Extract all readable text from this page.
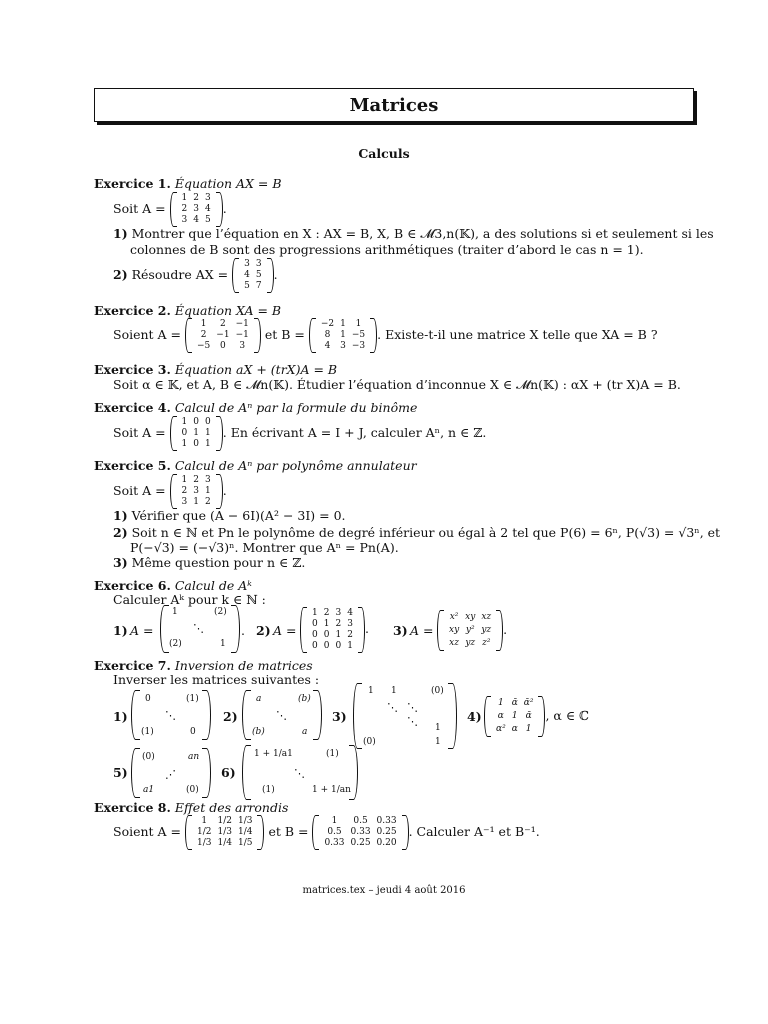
Matrices
Calculs
Exercice 1. Équation AX = B
Soit A =
1	2	3
2	3	4
3	4	5
.
1) Montrer que l’équation en X : AX = B, X, B ∈ 𝓜3,n(𝕂), a des solutions si et seulement si les
colonnes de B sont des progressions arithmétiques (traiter d’abord le cas n = 1).
2) Résoudre AX =
3	3
4	5
5	7
.
Exercice 2. Équation XA = B
Soient A =
1	2	−1
2	−1	−1
−5	0	3
et B =
−2	1	1
8	1	−5
4	3	−3
. Existe-t-il une matrice X telle que XA = B ?
Exercice 3. Équation aX + (trX)A = B
Soit α ∈ 𝕂, et A, B ∈ 𝓜n(𝕂). Étudier l’équation d’inconnue X ∈ 𝓜n(𝕂) : αX + (tr X)A = B.
Exercice 4. Calcul de Aⁿ par la formule du binôme
Soit A =
1	0	0
0	1	1
1	0	1
. En écrivant A = I + J, calculer Aⁿ, n ∈ ℤ.
Exercice 5. Calcul de Aⁿ par polynôme annulateur
Soit A =
1	2	3
2	3	1
3	1	2
.
1) Vérifier que (A − 6I)(A² − 3I) = 0.
2) Soit n ∈ ℕ et Pn le polynôme de degré inférieur ou égal à 2 tel que P(6) = 6ⁿ, P(√3) = √3ⁿ, et
P(−√3) = (−√3)ⁿ. Montrer que Aⁿ = Pn(A).
3) Même question pour n ∈ ℤ.
Exercice 6. Calcul de Aᵏ
Calculer Aᵏ pour k ∈ ℕ :
1) A =
1	(2)
⋱
(2)	1
. 2) A =
1	2	3	4
0	1	2	3
0	0	1	2
0	0	0	1
. 3) A =
x²	xy	xz
xy	y²	yz
xz	yz	z²
.
Exercice 7. Inversion de matrices
Inverser les matrices suivantes :
1)
0	(1)
⋱
(1)	0
2)
a	(b)
⋱
(b)	a
3)
1 1	(0)
⋱ ⋱
⋱ 1
(0)	1
4)
1	ᾱ	ᾱ²
α	1	ᾱ
α²	α	1
, α ∈ ℂ
5)
(0)	an
⋰
a1	(0)
6)
1 + 1/a1	(1)
⋱
(1)	1 + 1/an
Exercice 8. Effet des arrondis
Soient A =
1	1/2	1/3
1/2	1/3	1/4
1/3	1/4	1/5
et B =
1	0.5	0.33
0.5	0.33	0.25
0.33	0.25	0.20
. Calculer A⁻¹ et B⁻¹.
matrices.tex – jeudi 4 août 2016
